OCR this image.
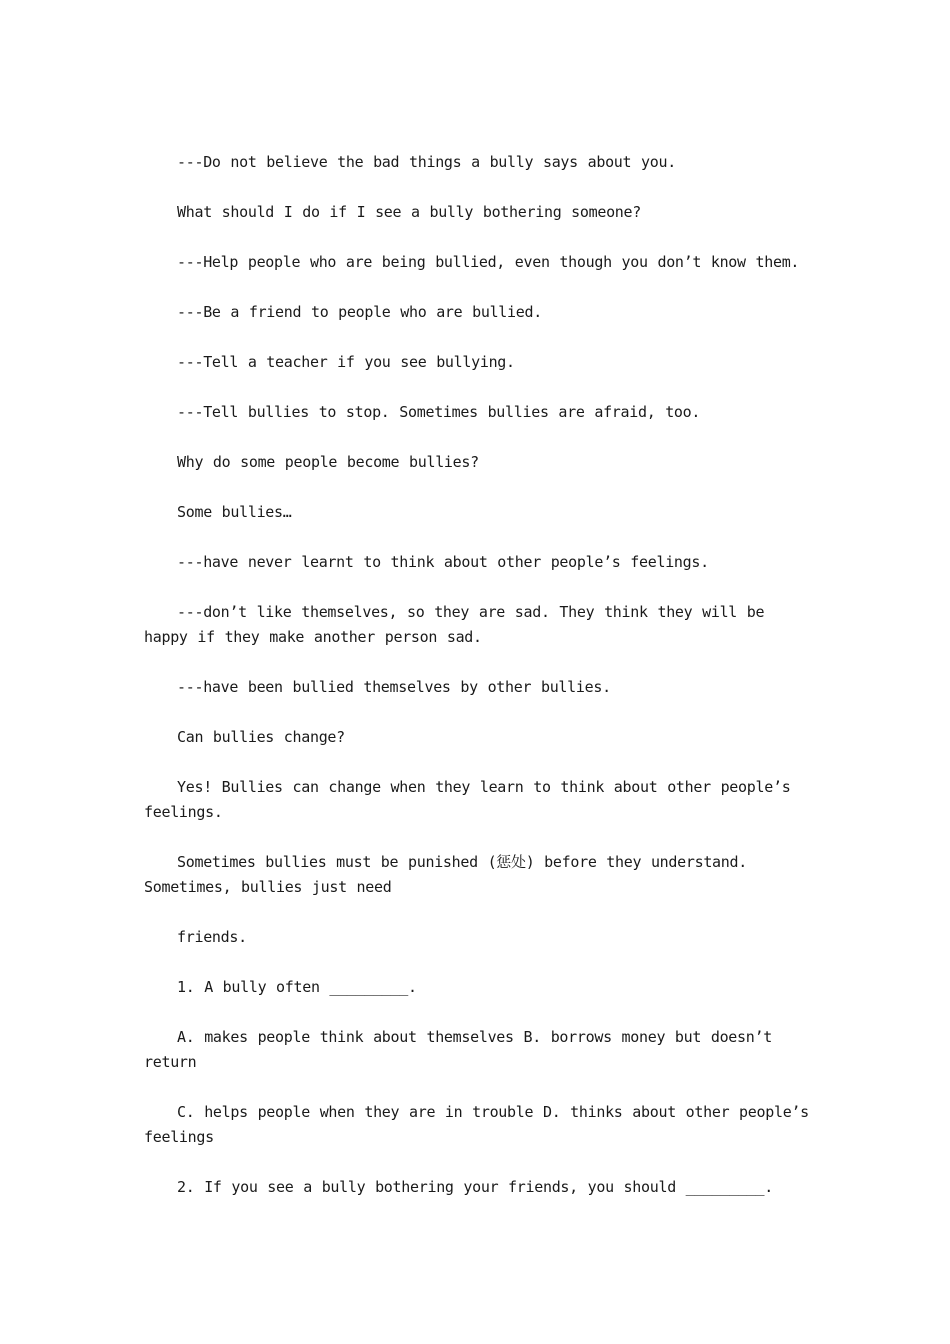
---Do not believe the bad things a bully says about you.

What should I do if I see a bully bothering someone?

---Help people who are being bullied, even though you don’t know them.

---Be a friend to people who are bullied.

---Tell a teacher if you see bullying.

---Tell bullies to stop. Sometimes bullies are afraid, too.

Why do some people become bullies?

Some bullies…

---have never learnt to think about other people’s feelings.

---don’t like themselves, so they are sad. They think they will be happy if they make another person sad.

---have been bullied themselves by other bullies.

Can bullies change?

Yes! Bullies can change when they learn to think about other people’s feelings.

Sometimes bullies must be punished (惩处) before they understand. Sometimes, bullies just need

friends.

1. A bully often _________.

A. makes people think about themselves B. borrows money but doesn’t return

C. helps people when they are in trouble D. thinks about other people’s feelings

2. If you see a bully bothering your friends, you should _________.
